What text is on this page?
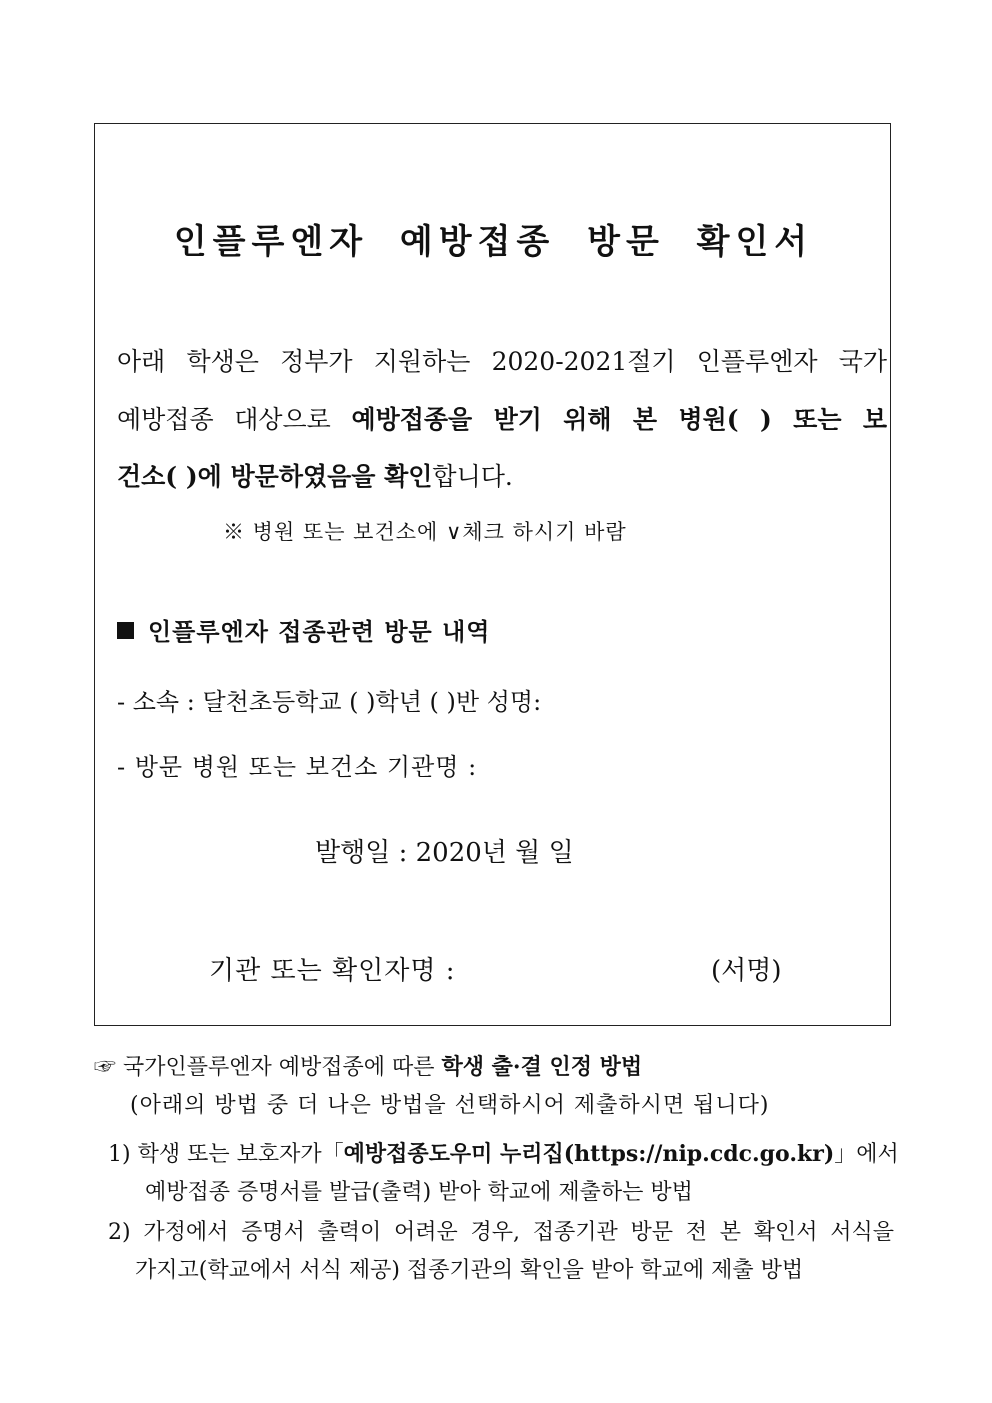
인플루엔자 예방접종 방문 확인서
아래 학생은 정부가 지원하는 2020-2021절기 인플루엔자 국가
예방접종 대상으로 예방접종을 받기 위해 본 병원( ) 또는 보
건소( )에 방문하였음을 확인합니다.
※ 병원 또는 보건소에 ∨체크 하시기 바람
인플루엔자 접종관련 방문 내역
- 소속 : 달천초등학교 ( )학년 ( )반 성명:
- 방문 병원 또는 보건소 기관명 :
발행일 : 2020년 월 일
기관 또는 확인자명 :	(서명)
☞ 국가인플루엔자 예방접종에 따른 학생 출·결 인정 방법
(아래의 방법 중 더 나은 방법을 선택하시어 제출하시면 됩니다)
1) 학생 또는 보호자가「예방접종도우미 누리집(https://nip.cdc.go.kr)」에서
예방접종 증명서를 발급(출력) 받아 학교에 제출하는 방법
2) 가정에서 증명서 출력이 어려운 경우, 접종기관 방문 전 본 확인서 서식을
가지고(학교에서 서식 제공) 접종기관의 확인을 받아 학교에 제출 방법
